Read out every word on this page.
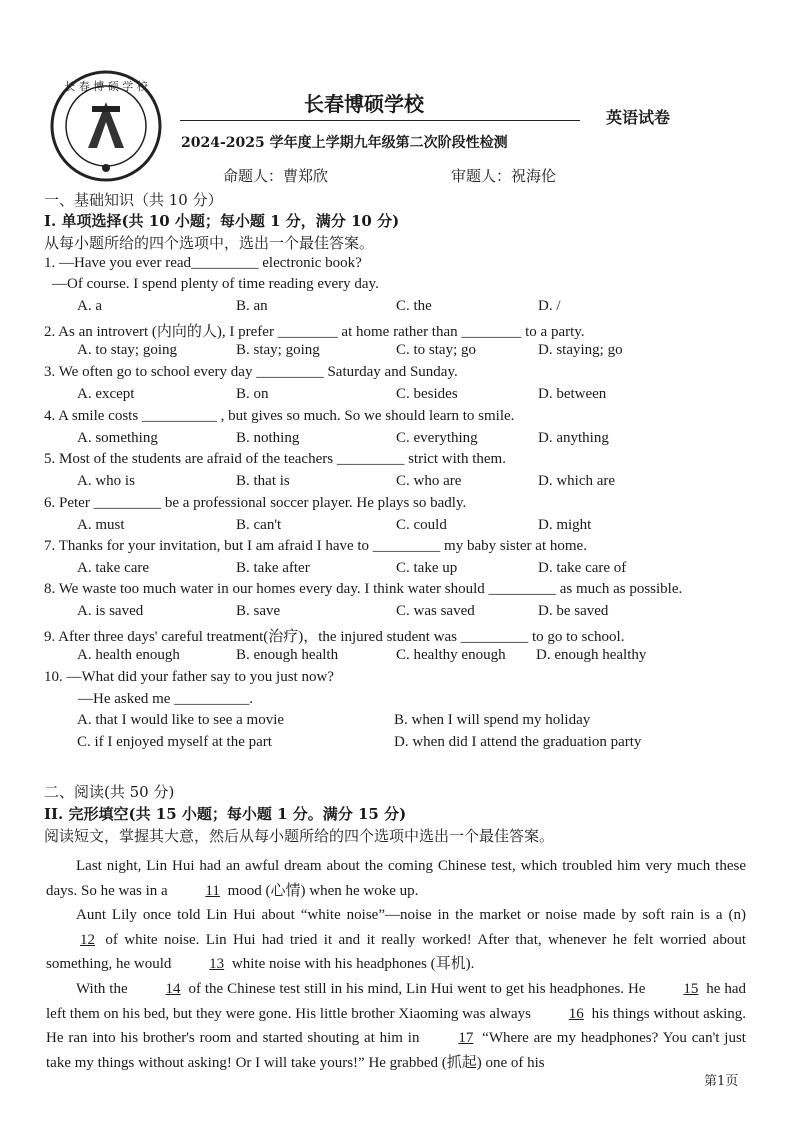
长 春 博 硕 学 校
长春博硕学校
英语试卷
2024-2025 学年度上学期九年级第二次阶段性检测
命题人：曹郑欣	审题人：祝海伦
一、基础知识（共 10 分）
I. 单项选择(共 10 小题；每小题 1 分，满分 10 分)
从每小题所给的四个选项中，选出一个最佳答案。
1. —Have you ever read_________ electronic book?
—Of course. I spend plenty of time reading every day.
A. a	B. an	C. the	D. /
2. As an introvert (内向的人), I prefer ________ at home rather than ________ to a party.
A. to stay; going	B. stay; going	C. to stay; go	D. staying; go
3. We often go to school every day _________ Saturday and Sunday.
A. except	B. on	C. besides	D. between
4. A smile costs __________ , but gives so much. So we should learn to smile.
A. something	B. nothing	C. everything	D. anything
5. Most of the students are afraid of the teachers _________ strict with them.
A. who is	B. that is	C. who are	D. which are
6. Peter _________ be a professional soccer player. He plays so badly.
A. must	B. can't	C. could	D. might
7. Thanks for your invitation, but I am afraid I have to _________ my baby sister at home.
A. take care	B. take after	C. take up	D. take care of
8. We waste too much water in our homes every day. I think water should _________ as much as possible.
A. is saved	B. save	C. was saved	D. be saved
9. After three days' careful treatment(治疗)，the injured student was _________ to go to school.
A. health enough	B. enough health	C. healthy enough D. enough healthy
10. —What did your father say to you just now?
—He asked me __________.
A. that I would like to see a movie	B. when I will spend my holiday
C. if I enjoyed myself at the part	D. when did I attend the graduation party
二、阅读(共 50 分)
II. 完形填空(共 15 小题；每小题 1 分。满分 15 分)
阅读短文，掌握其大意，然后从每小题所给的四个选项中选出一个最佳答案。

Last night, Lin Hui had an awful dream about the coming Chinese test, which troubled him very much these days. So he was in a 11 mood (心情) when he woke up.

Aunt Lily once told Lin Hui about “white noise”—noise in the market or noise made by soft rain is a (n) 12 of white noise. Lin Hui had tried it and it really worked! After that, whenever he felt worried about something, he would 13 white noise with his headphones (耳机).

With the 14 of the Chinese test still in his mind, Lin Hui went to get his headphones. He 15 he had left them on his bed, but they were gone. His little brother Xiaoming was always 16 his things without asking. He ran into his brother's room and started shouting at him in 17 “Where are my headphones? You can't just take my things without asking! Or I will take yours!” He grabbed (抓起) one of his

第1页
